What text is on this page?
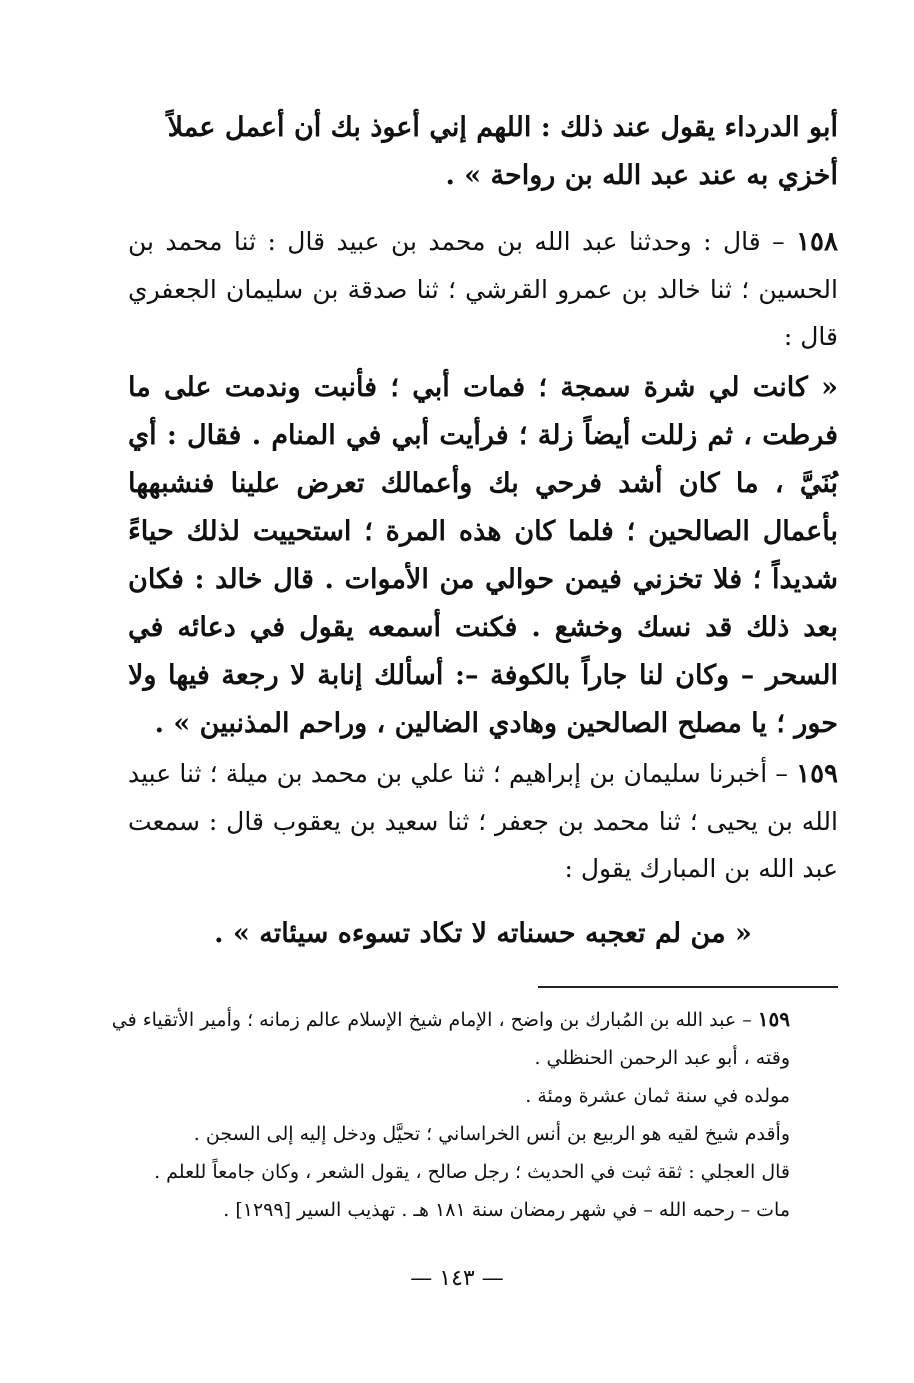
أبو الدرداء يقول عند ذلك : اللهم إني أعوذ بك أن أعمل عملاً
أخزي به عند عبد الله بن رواحة » .
١٥٨ – قال : وحدثنا عبد الله بن محمد بن عبيد قال : ثنا محمد بن الحسين ؛ ثنا خالد بن عمرو القرشي ؛ ثنا صدقة بن سليمان الجعفري قال :
« كانت لي شرة سمجة ؛ فمات أبي ؛ فأنبت وندمت على ما فرطت ، ثم زللت أيضاً زلة ؛ فرأيت أبي في المنام . فقال : أي بُنَيَّ ، ما كان أشد فرحي بك وأعمالك تعرض علينا فنشبهها بأعمال الصالحين ؛ فلما كان هذه المرة ؛ استحييت لذلك حياءً شديداً ؛ فلا تخزني فيمن حوالي من الأموات . قال خالد : فكان بعد ذلك قد نسك وخشع . فكنت أسمعه يقول في دعائه في السحر – وكان لنا جاراً بالكوفة –: أسألك إنابة لا رجعة فيها ولا حور ؛ يا مصلح الصالحين وهادي الضالين ، وراحم المذنبين » .
١٥٩ – أخبرنا سليمان بن إبراهيم ؛ ثنا علي بن محمد بن ميلة ؛ ثنا عبيد الله بن يحيى ؛ ثنا محمد بن جعفر ؛ ثنا سعيد بن يعقوب قال : سمعت عبد الله بن المبارك يقول :
« من لم تعجبه حسناته لا تكاد تسوءه سيئاته » .

١٥٩ – عبد الله بن المُبارك بن واضح ، الإمام شيخ الإسلام عالم زمانه ؛ وأمير الأتقياء في وقته ، أبو عبد الرحمن الحنظلي .

مولده في سنة ثمان عشرة ومئة .

وأقدم شيخ لقيه هو الربيع بن أنس الخراساني ؛ تحيَّل ودخل إليه إلى السجن .

قال العجلي : ثقة ثبت في الحديث ؛ رجل صالح ، يقول الشعر ، وكان جامعاً للعلم .

مات – رحمه الله – في شهر رمضان سنة ١٨١ هـ . تهذيب السير [١٢٩٩] .

— ١٤٣ —
